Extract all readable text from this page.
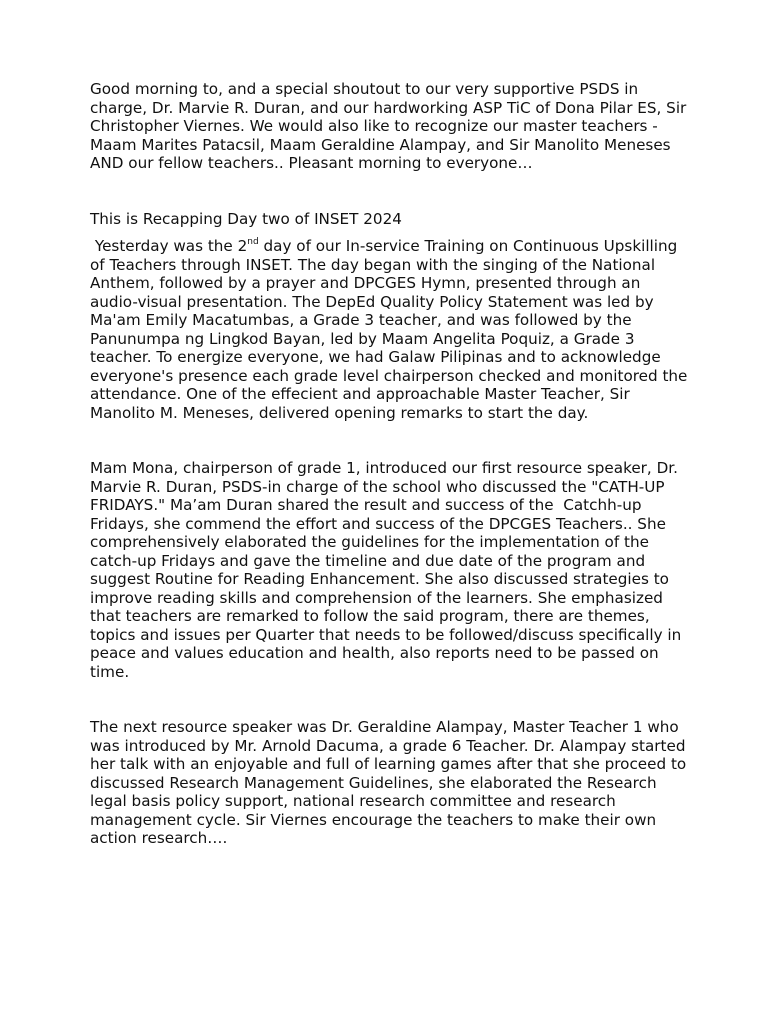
Good morning to, and a special shoutout to our very supportive PSDS in charge, Dr. Marvie R. Duran, and our hardworking ASP TiC of Dona Pilar ES, Sir Christopher Viernes. We would also like to recognize our master teachers - Maam Marites Patacsil, Maam Geraldine Alampay, and Sir Manolito Meneses AND our fellow teachers.. Pleasant morning to everyone…

This is Recapping Day two of INSET 2024

Yesterday was the 2nd day of our In-service Training on Continuous Upskilling of Teachers through INSET. The day began with the singing of the National Anthem, followed by a prayer and DPCGES Hymn, presented through an audio-visual presentation. The DepEd Quality Policy Statement was led by Ma'am Emily Macatumbas, a Grade 3 teacher, and was followed by the Panunumpa ng Lingkod Bayan, led by Maam Angelita Poquiz, a Grade 3 teacher. To energize everyone, we had Galaw Pilipinas and to acknowledge everyone's presence each grade level chairperson checked and monitored the attendance. One of the effecient and approachable Master Teacher, Sir Manolito M. Meneses, delivered opening remarks to start the day.

Mam Mona, chairperson of grade 1, introduced our first resource speaker, Dr. Marvie R. Duran, PSDS-in charge of the school who discussed the "CATH-UP FRIDAYS." Ma’am Duran shared the result and success of the  Catchh-up Fridays, she commend the effort and success of the DPCGES Teachers.. She comprehensively elaborated the guidelines for the implementation of the catch-up Fridays and gave the timeline and due date of the program and suggest Routine for Reading Enhancement. She also discussed strategies to improve reading skills and comprehension of the learners. She emphasized that teachers are remarked to follow the said program, there are themes, topics and issues per Quarter that needs to be followed/discuss specifically in peace and values education and health, also reports need to be passed on time.

The next resource speaker was Dr. Geraldine Alampay, Master Teacher 1 who was introduced by Mr. Arnold Dacuma, a grade 6 Teacher. Dr. Alampay started her talk with an enjoyable and full of learning games after that she proceed to  discussed Research Management Guidelines, she elaborated the Research legal basis policy support, national research committee and research management cycle. Sir Viernes encourage the teachers to make their own action research….
